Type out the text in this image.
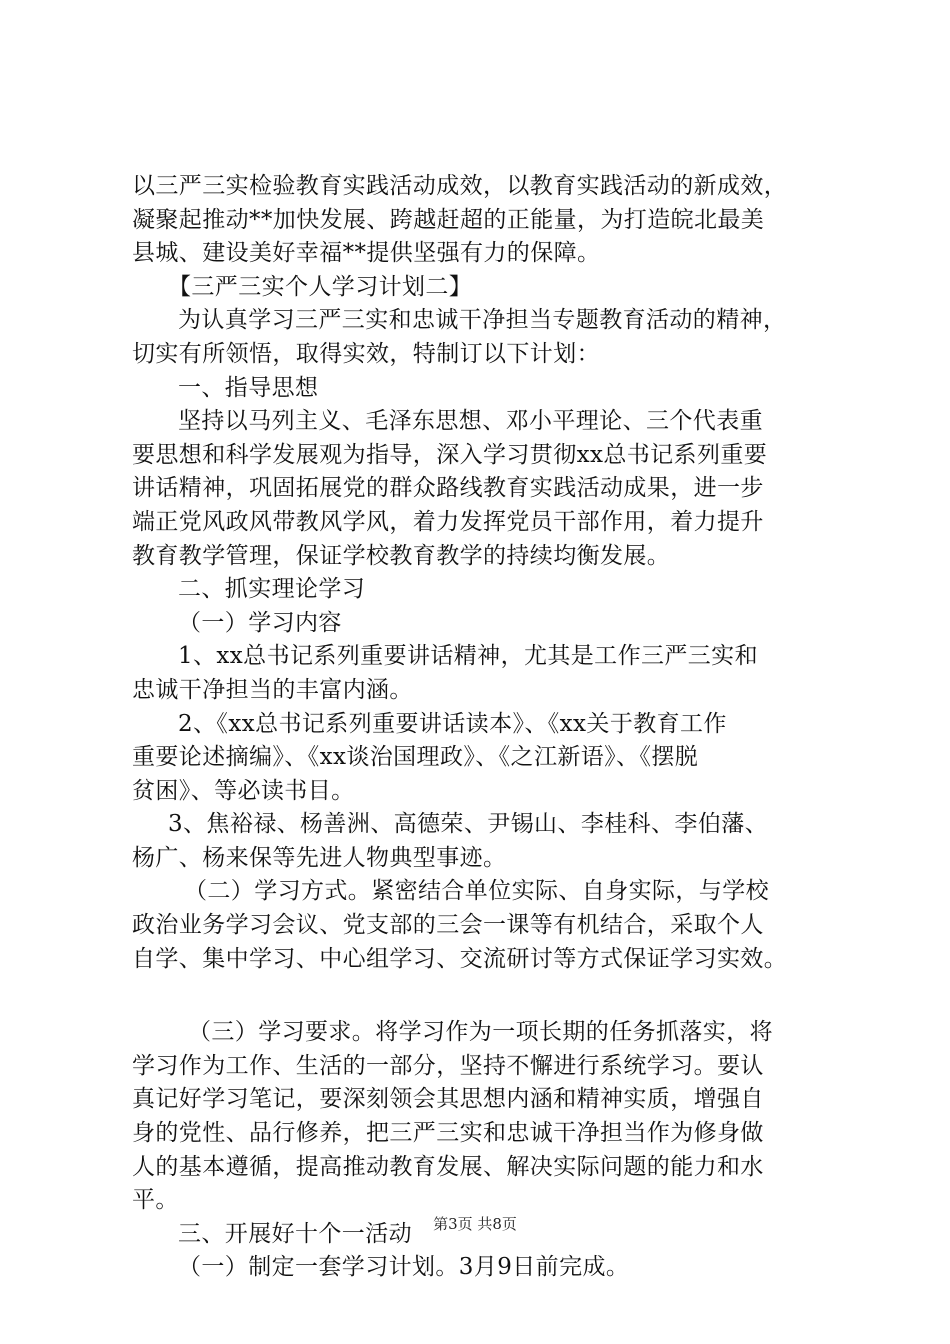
以三严三实检验教育实践活动成效，以教育实践活动的新成效，
凝聚起推动**加快发展、跨越赶超的正能量，为打造皖北最美
县城、建设美好幸福**提供坚强有力的保障。
【三严三实个人学习计划二】
为认真学习三严三实和忠诚干净担当专题教育活动的精神，
切实有所领悟，取得实效，特制订以下计划：
一、指导思想
坚持以马列主义、毛泽东思想、邓小平理论、三个代表重
要思想和科学发展观为指导，深入学习贯彻xx总书记系列重要
讲话精神，巩固拓展党的群众路线教育实践活动成果，进一步
端正党风政风带教风学风，着力发挥党员干部作用，着力提升
教育教学管理，保证学校教育教学的持续均衡发展。
二、抓实理论学习
（一）学习内容
1、xx总书记系列重要讲话精神，尤其是工作三严三实和
忠诚干净担当的丰富内涵。
2、《xx总书记系列重要讲话读本》、《xx关于教育工作
重要论述摘编》、《xx谈治国理政》、《之江新语》、《摆脱
贫困》、等必读书目。
3、焦裕禄、杨善洲、高德荣、尹锡山、李桂科、李伯藩、
杨广、杨来保等先进人物典型事迹。
（二）学习方式。紧密结合单位实际、自身实际，与学校
政治业务学习会议、党支部的三会一课等有机结合，采取个人
自学、集中学习、中心组学习、交流研讨等方式保证学习实效。
（三）学习要求。将学习作为一项长期的任务抓落实，将
学习作为工作、生活的一部分，坚持不懈进行系统学习。要认
真记好学习笔记，要深刻领会其思想内涵和精神实质，增强自
身的党性、品行修养，把三严三实和忠诚干净担当作为修身做
人的基本遵循，提高推动教育发展、解决实际问题的能力和水
平。
三、开展好十个一活动
（一）制定一套学习计划。3月9日前完成。
第3页 共8页
